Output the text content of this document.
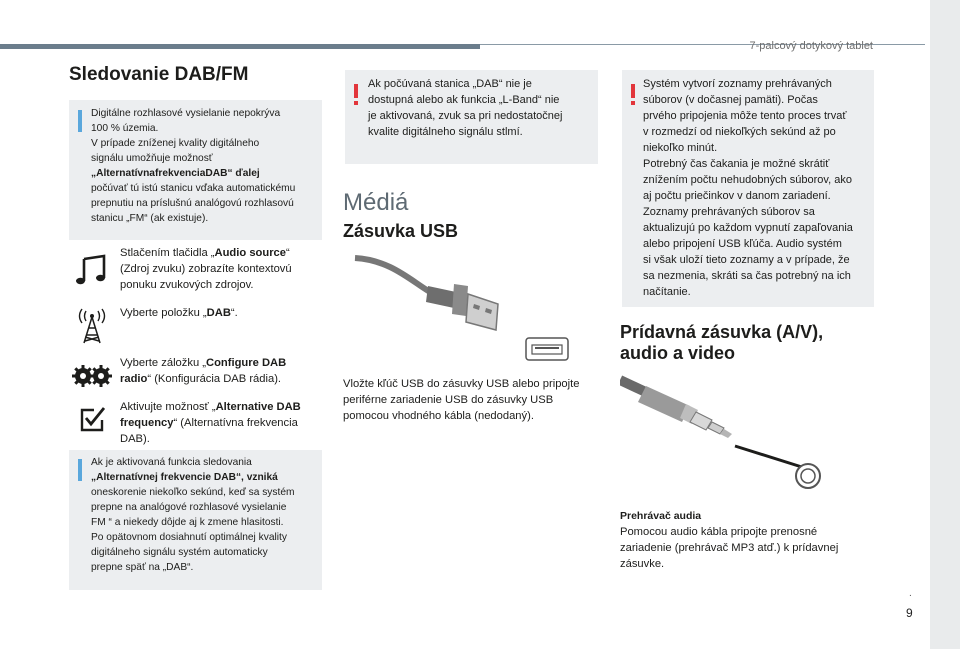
7-palcový dotykový tablet
.
9
Sledovanie DAB/FM
Digitálne rozhlasové vysielanie nepokrýva
100 % územia.
V prípade zníženej kvality digitálneho
signálu umožňuje možnosť
„AlternatívnafrekvenciaDAB“ ďalej
počúvať tú istú stanicu vďaka automatickému
prepnutiu na príslušnú analógovú rozhlasovú
stanicu „FM“ (ak existuje).
Stlačením tlačidla „Audio source“ (Zdroj zvuku) zobrazíte kontextovú ponuku zvukových zdrojov.
Vyberte položku „DAB“.
Vyberte záložku „Configure DAB radio“ (Konfigurácia DAB rádia).
Aktivujte možnosť „Alternative DAB frequency“ (Alternatívna frekvencia DAB).
Ak je aktivovaná funkcia sledovania
„Alternatívnej frekvencie DAB“, vzniká
oneskorenie niekoľko sekúnd, keď sa systém
prepne na analógové rozhlasové vysielanie
FM “ a niekedy dôjde aj k zmene hlasitosti.
Po opätovnom dosiahnutí optimálnej kvality
digitálneho signálu systém automaticky
prepne späť na „DAB“.
Ak počúvaná stanica „DAB“ nie je
dostupná alebo ak funkcia „L-Band“ nie
je aktivovaná, zvuk sa pri nedostatočnej
kvalite digitálneho signálu stlmí.
Médiá
Zásuvka USB
Vložte kľúč USB do zásuvky USB alebo pripojte periférne zariadenie USB do zásuvky USB pomocou vhodného kábla (nedodaný).
Systém vytvorí zoznamy prehrávaných
súborov (v dočasnej pamäti). Počas
prvého pripojenia môže tento proces trvať
v rozmedzí od niekoľkých sekúnd až po
niekoľko minút.
Potrebný čas čakania je možné skrátiť
znížením počtu nehudobných súborov, ako
aj počtu priečinkov v danom zariadení.
Zoznamy prehrávaných súborov sa
aktualizujú po každom vypnutí zapaľovania
alebo pripojení USB kľúča. Audio systém
si však uloží tieto zoznamy a v prípade, že
sa nezmenia, skráti sa čas potrebný na ich
načítanie.
Prídavná zásuvka (A/V), audio a video
Prehrávač audia
Pomocou audio kábla pripojte prenosné zariadenie (prehrávač MP3 atď.) k prídavnej zásuvke.
